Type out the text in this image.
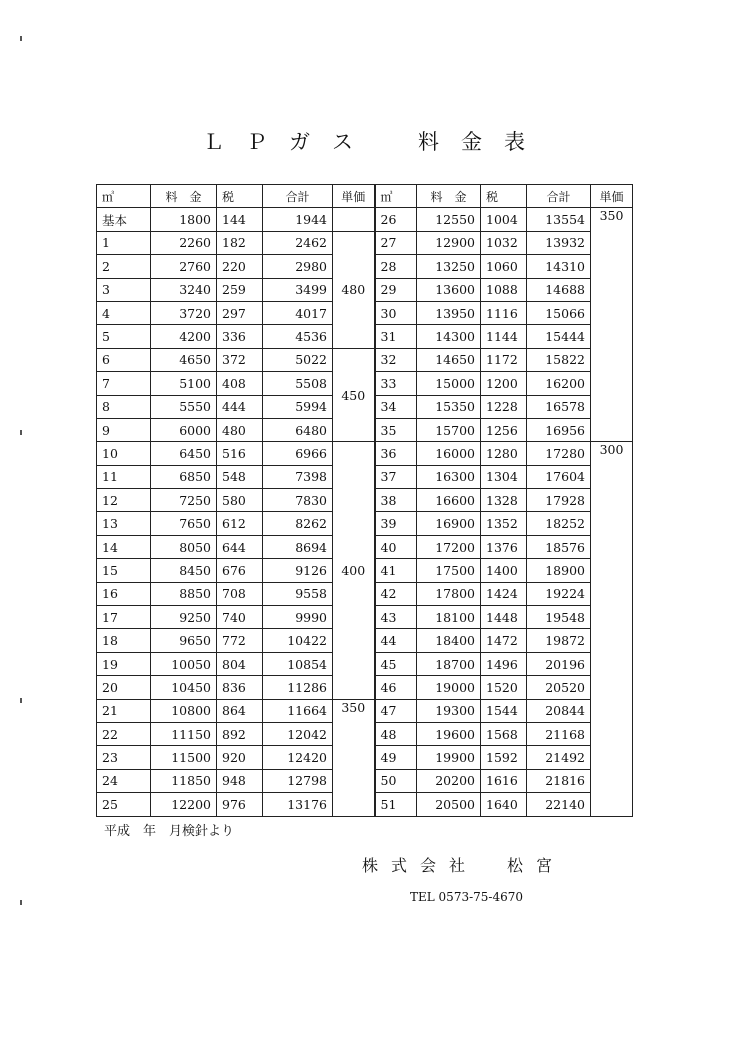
ＬＰガス　料金表
㎥	料　金	税	合計	単価	㎥	料　金	税	合計	単価
基本	1800	144	1944		26	12550	1004	13554	350
1	2260	182	2462	480	27	12900	1032	13932	
2	2760	220	2980		28	13250	1060	14310	
3	3240	259	3499		29	13600	1088	14688	
4	3720	297	4017		30	13950	1116	15066	
5	4200	336	4536		31	14300	1144	15444	
6	4650	372	5022	450	32	14650	1172	15822	
7	5100	408	5508		33	15000	1200	16200	
8	5550	444	5994		34	15350	1228	16578	
9	6000	480	6480		35	15700	1256	16956	
10	6450	516	6966	400	36	16000	1280	17280	300
11	6850	548	7398		37	16300	1304	17604	
12	7250	580	7830		38	16600	1328	17928	
13	7650	612	8262		39	16900	1352	18252	
14	8050	644	8694		40	17200	1376	18576	
15	8450	676	9126		41	17500	1400	18900	
16	8850	708	9558		42	17800	1424	19224	
17	9250	740	9990		43	18100	1448	19548	
18	9650	772	10422		44	18400	1472	19872	
19	10050	804	10854		45	18700	1496	20196	
20	10450	836	11286		46	19000	1520	20520	
21	10800	864	11664	350	47	19300	1544	20844	
22	11150	892	12042		48	19600	1568	21168	
23	11500	920	12420		49	19900	1592	21492	
24	11850	948	12798		50	20200	1616	21816	
25	12200	976	13176		51	20500	1640	22140	
平成　年　月検針より
株式会社　松宮
TEL 0573-75-4670
